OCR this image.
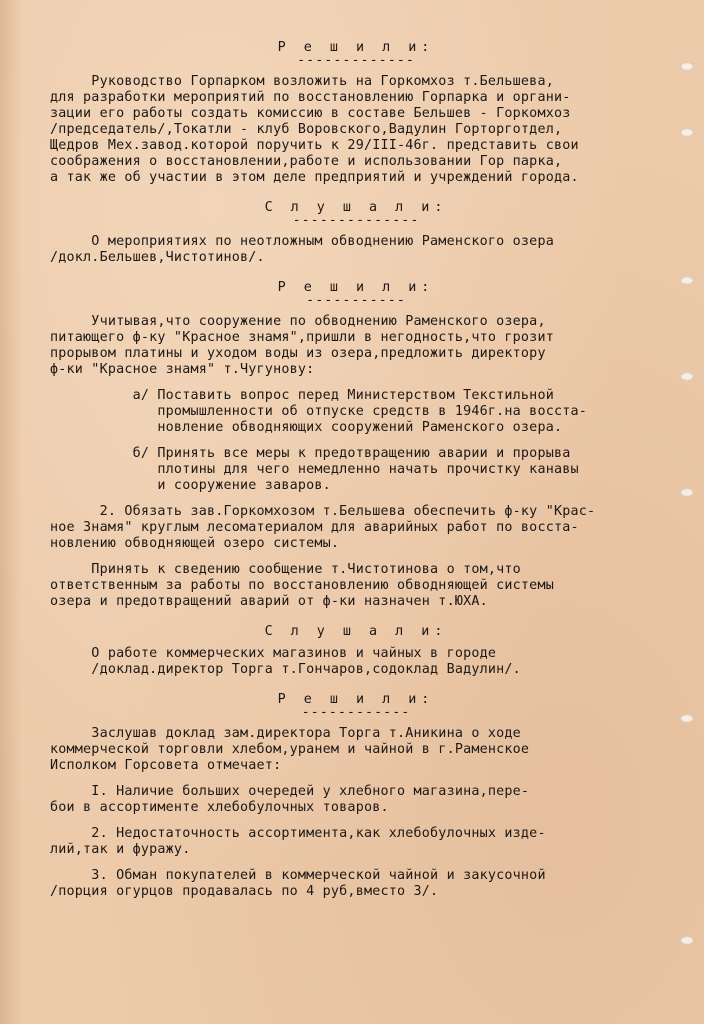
Р е ш и л и:

-------------

Руководство Горпарком возложить на Горкомхоз т.Бельшева,

для разработки мероприятий по восстановлению Горпарка и органи-

зации его работы создать комиссию в составе Бельшев - Горкомхоз

/председатель/,Токатли - клуб Воровского,Вадулин Горторготдел,

Щедров Мех.завод.которой поручить к 29/III-46г. представить свои

соображения о восстановлении,работе и использовании Гор парка,

а так же об участии в этом деле предприятий и учреждений города.

С л у ш а л и:

--------------

О мероприятиях по неотложным обводнению Раменского озера

/докл.Бельшев,Чистотинов/.

Р е ш и л и:

-----------

Учитывая,что сооружение по обводнению Раменского озера,

питающего ф-ку "Красное знамя",пришли в негодность,что грозит

прорывом платины и уходом воды из озера,предложить директору

ф-ки "Красное знамя" т.Чугунову:

а/ Поставить вопрос перед Министерством Текстильной

промышленности об отпуске средств в 1946г.на восста-

новление обводняющих сооружений Раменского озера.

б/ Принять все меры к предотвращению аварии и прорыва

плотины для чего немедленно начать прочистку канавы

и сооружение заваров.

2. Обязать зав.Горкомхозом т.Бельшева обеспечить ф-ку "Крас-

ное Знамя" круглым лесоматериалом для аварийных работ по восста-

новлению обводняющей озеро системы.

Принять к сведению сообщение т.Чистотинова о том,что

ответственным за работы по восстановлению обводняющей системы

озера и предотвращений аварий от ф-ки назначен т.ЮХА.

С л у ш а л и:

О работе коммерческих магазинов и чайных в городе

/доклад.директор Торга т.Гончаров,содоклад Вадулин/.

Р е ш и л и:

------------

Заслушав доклад зам.директора Торга т.Аникина о ходе

коммерческой торговли хлебом,уранем и чайной в г.Раменское

Исполком Горсовета отмечает:

I. Наличие больших очередей у хлебного магазина,пере-

бои в ассортименте хлебобулочных товаров.

2. Недостаточность ассортимента,как хлебобулочных изде-

лий,так и фуражу.

3. Обман покупателей в коммерческой чайной и закусочной

/порция огурцов продавалась по 4 руб,вместо 3/.
